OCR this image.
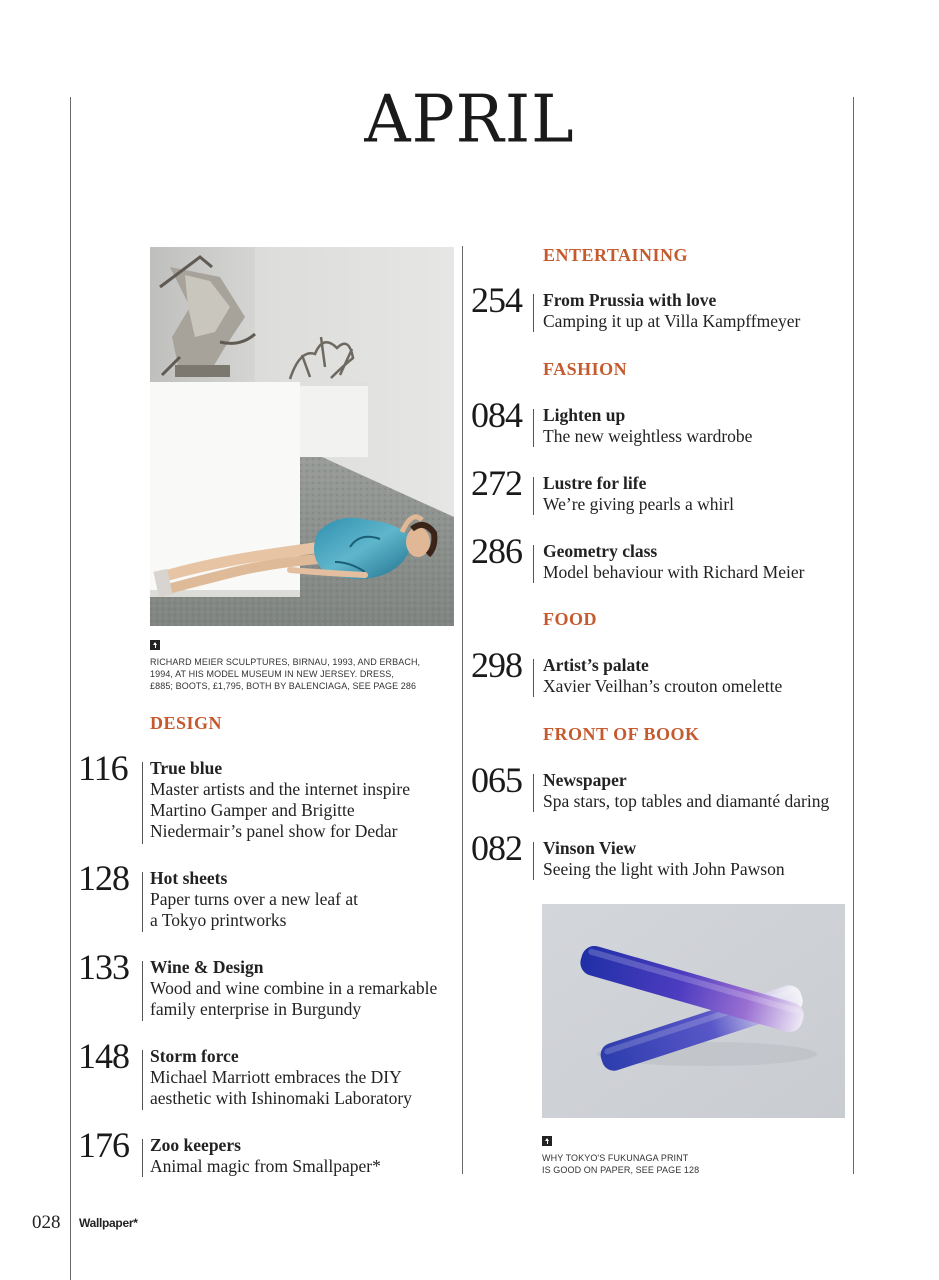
APRIL
RICHARD MEIER SCULPTURES, BIRNAU, 1993, AND ERBACH,
1994, AT HIS MODEL MUSEUM IN NEW JERSEY. DRESS,
£885; BOOTS, £1,795, BOTH BY BALENCIAGA, SEE PAGE 286
DESIGN
116 True blue
Master artists and the internet inspire
Martino Gamper and Brigitte
Niedermair’s panel show for Dedar
128 Hot sheets
Paper turns over a new leaf at
a Tokyo printworks
133 Wine & Design
Wood and wine combine in a remarkable
family enterprise in Burgundy
148 Storm force
Michael Marriott embraces the DIY
aesthetic with Ishinomaki Laboratory
176 Zoo keepers
Animal magic from Smallpaper*
ENTERTAINING
254 From Prussia with love
Camping it up at Villa Kampffmeyer
FASHION
084 Lighten up
The new weightless wardrobe
272 Lustre for life
We’re giving pearls a whirl
286 Geometry class
Model behaviour with Richard Meier
FOOD
298 Artist’s palate
Xavier Veilhan’s crouton omelette
FRONT OF BOOK
065 Newspaper
Spa stars, top tables and diamanté daring
082 Vinson View
Seeing the light with John Pawson
WHY TOKYO'S FUKUNAGA PRINT
IS GOOD ON PAPER, SEE PAGE 128
028 Wallpaper*
